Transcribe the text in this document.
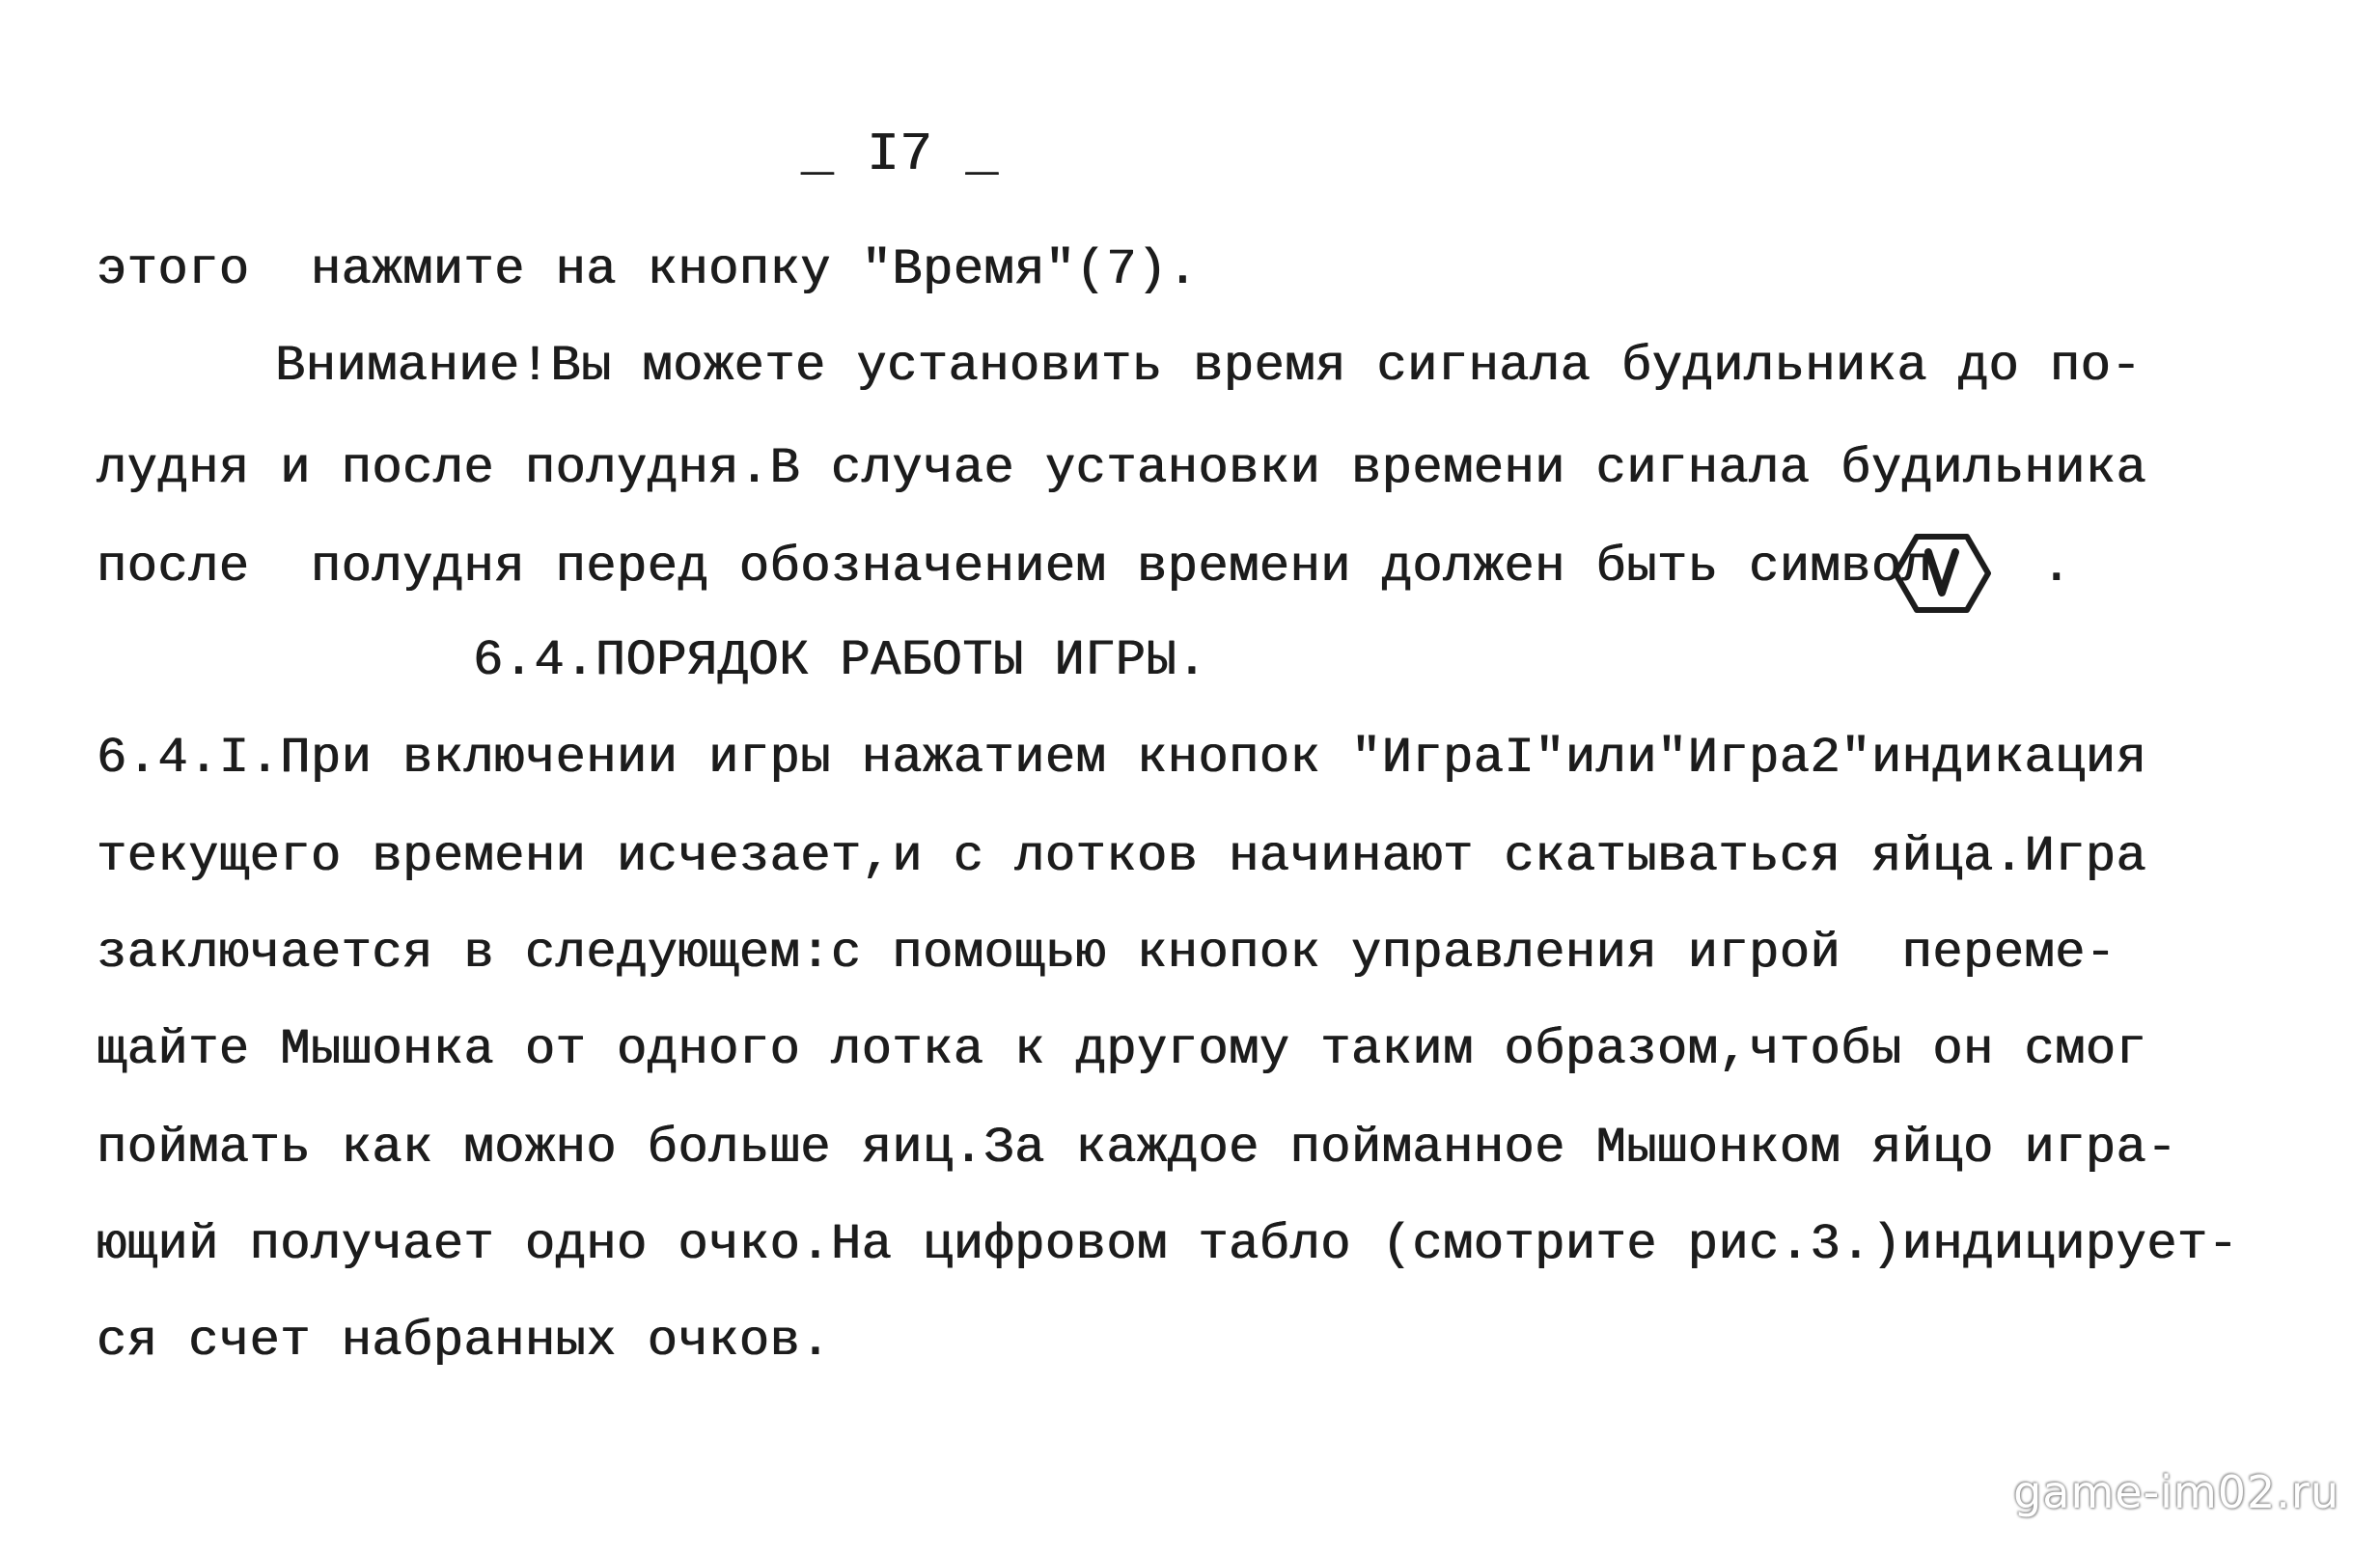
_ I7 _
этого  нажмите на кнопку "Время"(7).
Внимание!Вы можете установить время сигнала будильника до по-
лудня и после полудня.В случае установки времени сигнала будильника
после  полудня перед обозначением времени должен быть символ .
6.4.ПОРЯДОК РАБОТЫ ИГРЫ.
6.4.I.При включении игры нажатием кнопок "ИграI"или"Игра2"индикация
текущего времени исчезает,и с лотков начинают скатываться яйца.Игра
заключается в следующем:с помощью кнопок управления игрой  переме-
щайте Мышонка от одного лотка к другому таким образом,чтобы он смог
поймать как можно больше яиц.За каждое пойманное Мышонком яйцо игра-
ющий получает одно очко.На цифровом табло (смотрите рис.3.)индицирует-
ся счет набранных очков.
game-im02.ru
